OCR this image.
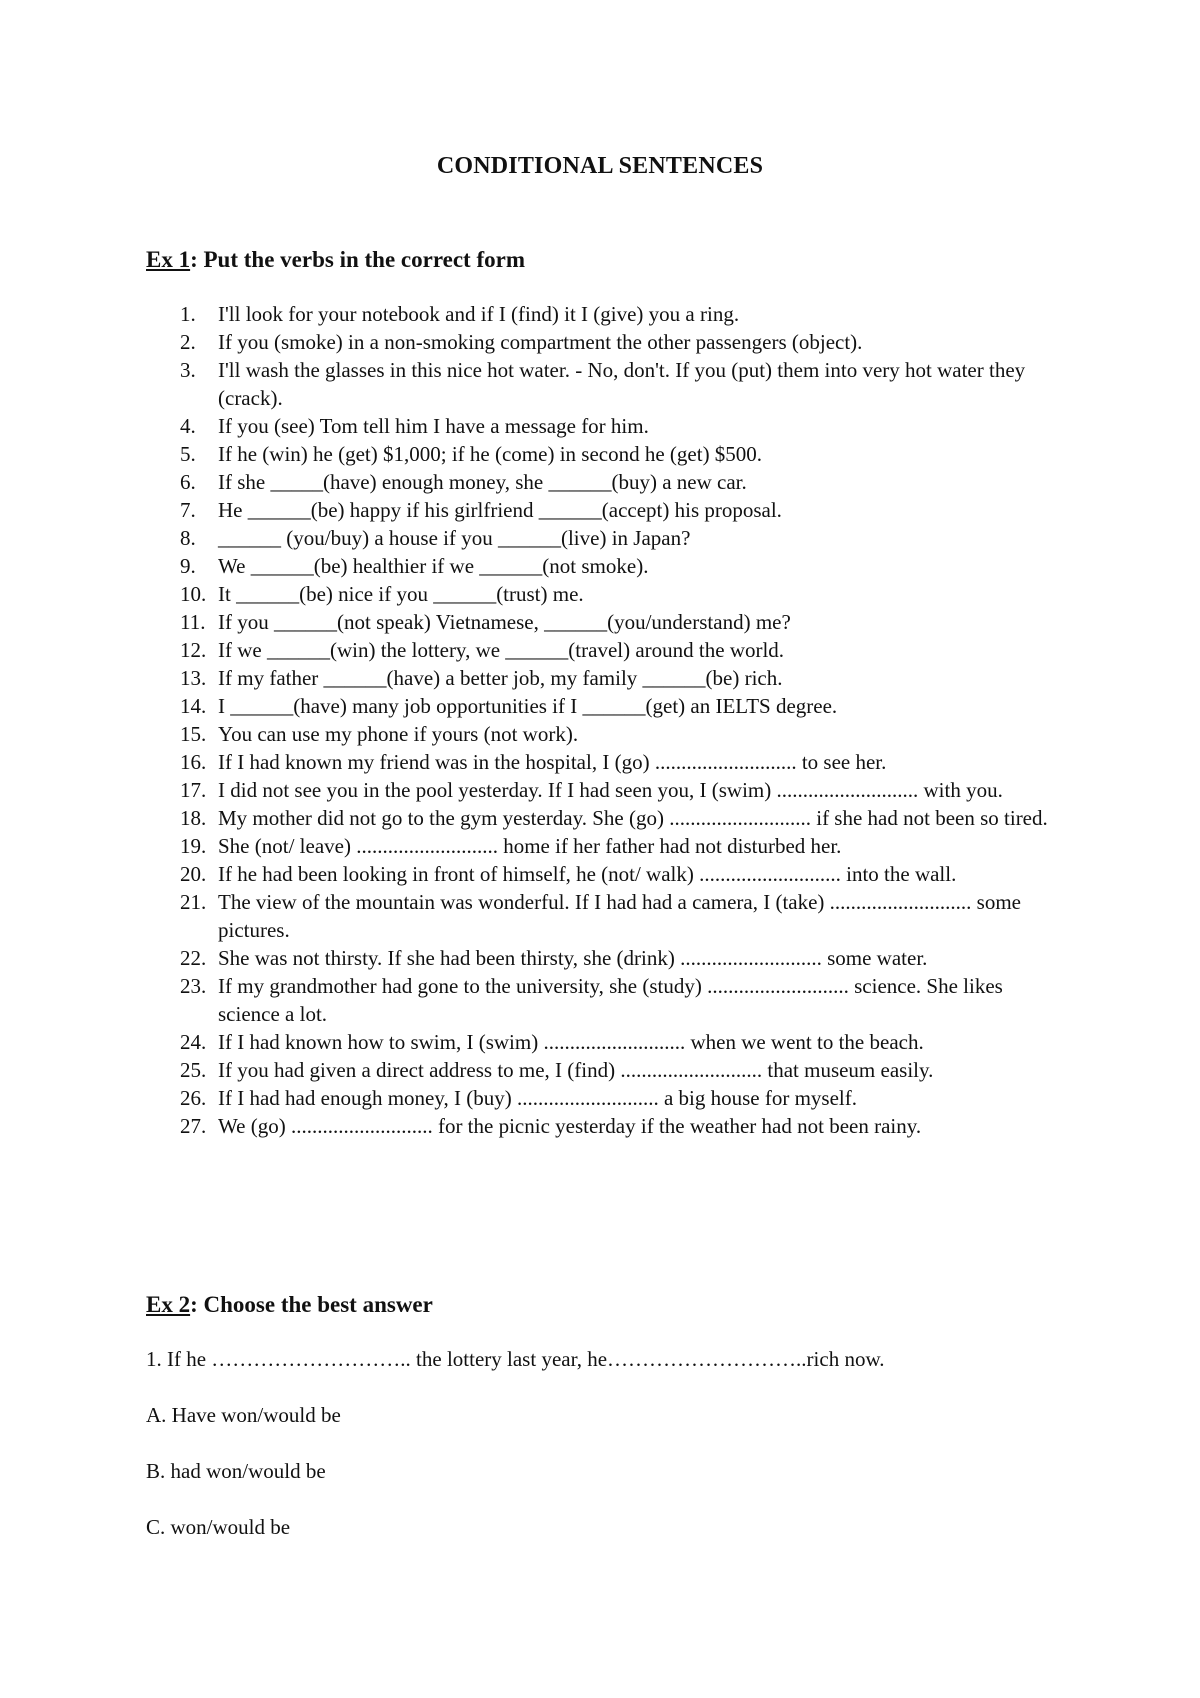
CONDITIONAL SENTENCES
Ex 1: Put the verbs in the correct form
1.	I'll look for your notebook and if I (find) it I (give) you a ring.
2.	If you (smoke) in a non-smoking compartment the other passengers (object).
3.	I'll wash the glasses in this nice hot water. - No, don't. If you (put) them into very hot water they (crack).
4.	If you (see) Tom tell him I have a message for him.
5.	If he (win) he (get) $1,000; if he (come) in second he (get) $500.
6.	If she _____(have) enough money, she ______(buy) a new car.
7.	He ______(be) happy if his girlfriend ______(accept) his proposal.
8.	______ (you/buy) a house if you ______(live) in Japan?
9.	We ______(be) healthier if we ______(not smoke).
10. It ______(be) nice if you ______(trust) me.
11. If you ______(not speak) Vietnamese, ______(you/understand) me?
12. If we ______(win) the lottery, we ______(travel) around the world.
13. If my father ______(have) a better job, my family ______(be) rich.
14. I ______(have) many job opportunities if I ______(get) an IELTS degree.
15. You can use my phone if yours (not work).
16. If I had known my friend was in the hospital, I (go) ........................... to see her.
17. I did not see you in the pool yesterday. If I had seen you, I (swim) ........................... with you.
18. My mother did not go to the gym yesterday. She (go) ........................... if she had not been so tired.
19. She (not/ leave) ........................... home if her father had not disturbed her.
20. If he had been looking in front of himself, he (not/ walk) ........................... into the wall.
21. The view of the mountain was wonderful. If I had had a camera, I (take) ........................... some pictures.
22. She was not thirsty. If she had been thirsty, she (drink) ........................... some water.
23. If my grandmother had gone to the university, she (study) ........................... science. She likes science a lot.
24. If I had known how to swim, I (swim) ........................... when we went to the beach.
25. If you had given a direct address to me, I (find) ........................... that museum easily.
26. If I had had enough money, I (buy) ........................... a big house for myself.
27. We (go) ........................... for the picnic yesterday if the weather had not been rainy.
Ex 2: Choose the best answer

1. If he ……………………….. the lottery last year, he………………………..rich now.

A. Have won/would be

B. had won/would be

C. won/would be
